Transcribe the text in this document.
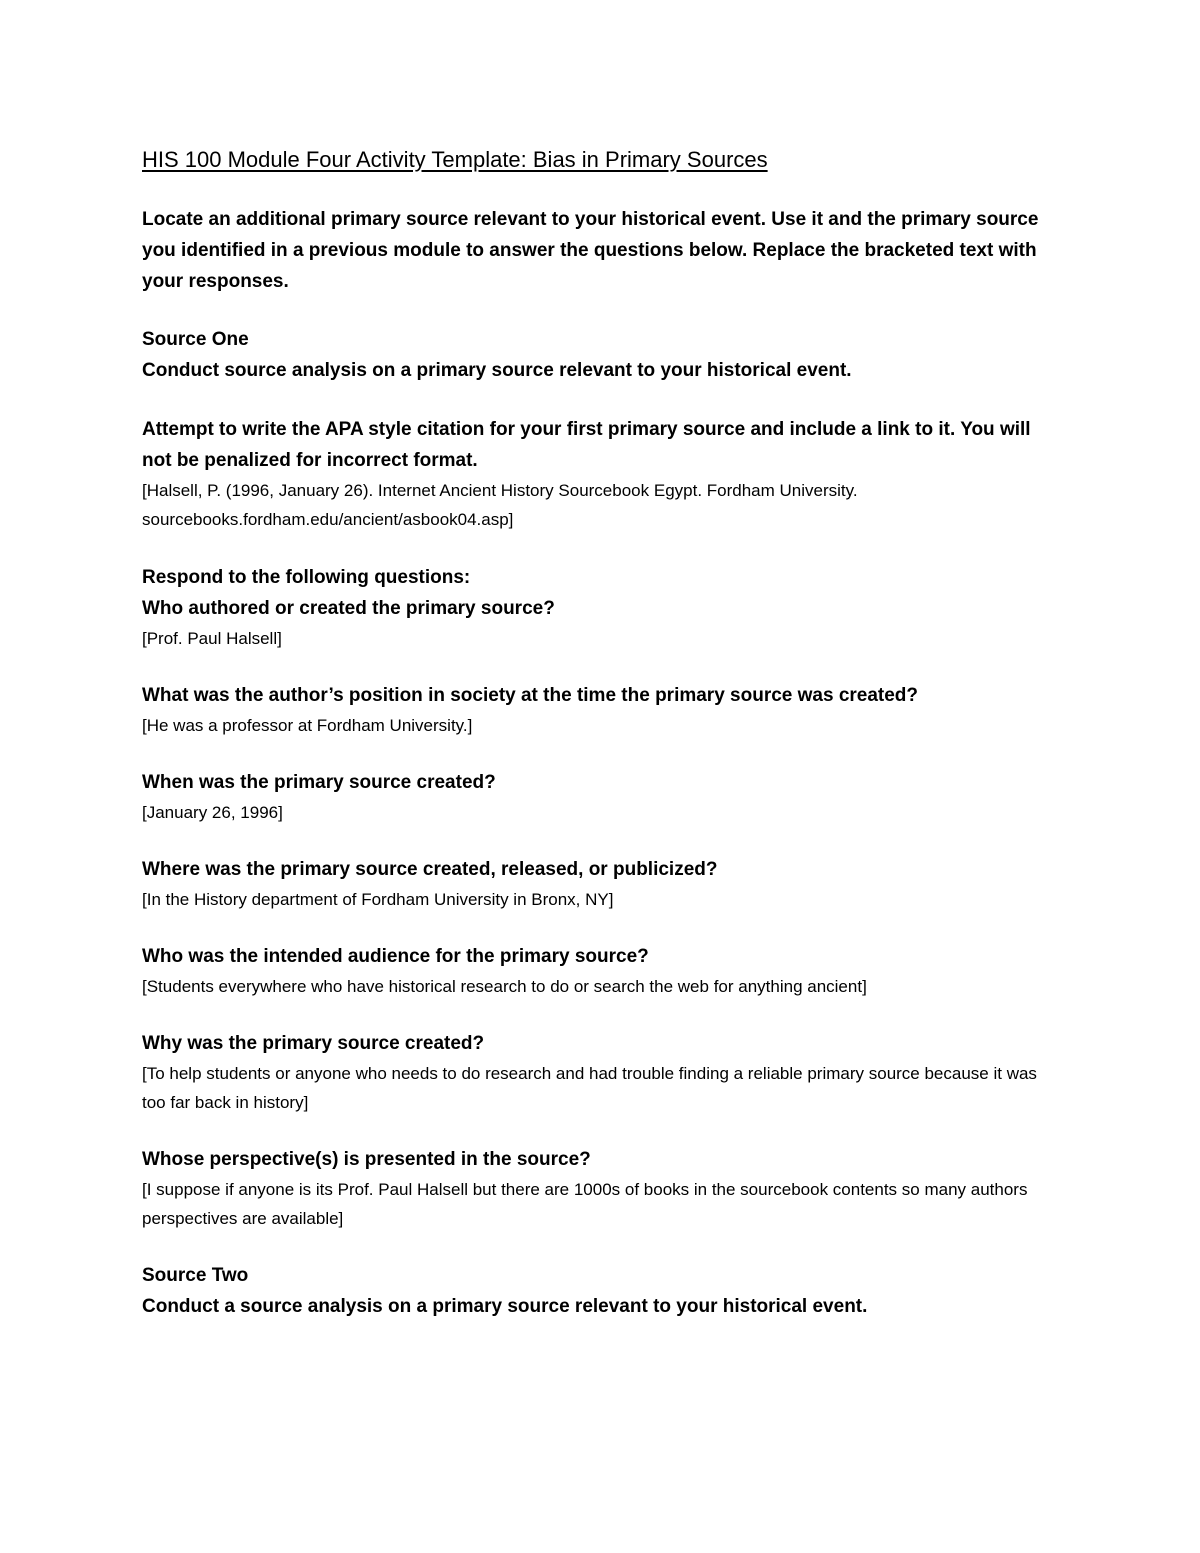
HIS 100 Module Four Activity Template: Bias in Primary Sources

Locate an additional primary source relevant to your historical event. Use it and the primary source you identified in a previous module to answer the questions below. Replace the bracketed text with your responses.

Source One

Conduct source analysis on a primary source relevant to your historical event.

Attempt to write the APA style citation for your first primary source and include a link to it. You will not be penalized for incorrect format.

[Halsell, P. (1996, January 26). Internet Ancient History Sourcebook Egypt. Fordham University.

sourcebooks.fordham.edu/ancient/asbook04.asp]

Respond to the following questions:

Who authored or created the primary source?

[Prof. Paul Halsell]

What was the author’s position in society at the time the primary source was created?

[He was a professor at Fordham University.]

When was the primary source created?

[January 26, 1996]

Where was the primary source created, released, or publicized?

[In the History department of Fordham University in Bronx, NY]

Who was the intended audience for the primary source?

[Students everywhere who have historical research to do or search the web for anything ancient]

Why was the primary source created?

[To help students or anyone who needs to do research and had trouble finding a reliable primary source because it was too far back in history]

Whose perspective(s) is presented in the source?

[I suppose if anyone is its Prof. Paul Halsell but there are 1000s of books in the sourcebook contents so many authors perspectives are available]

Source Two

Conduct a source analysis on a primary source relevant to your historical event.
